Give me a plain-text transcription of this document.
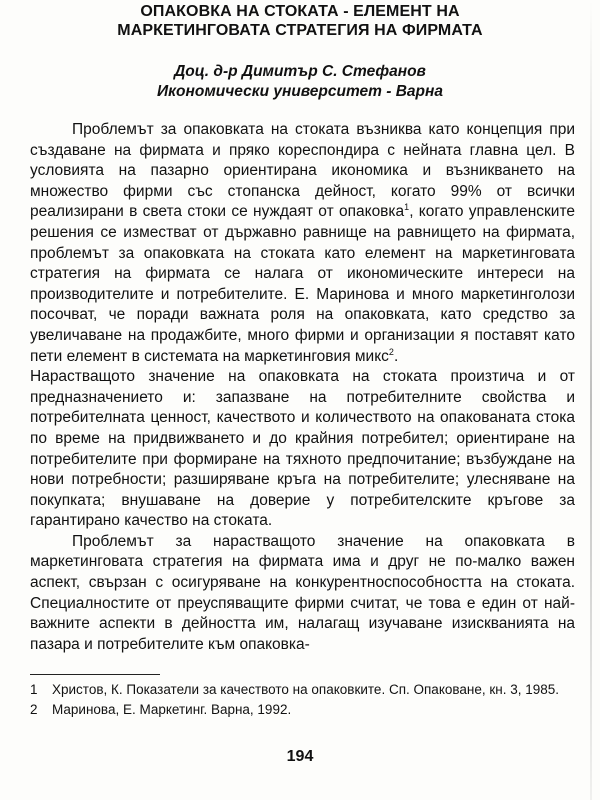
ОПАКОВКА НА СТОКАТА - ЕЛЕМЕНТ НА
МАРКЕТИНГОВАТА СТРАТЕГИЯ НА ФИРМАТА
Доц. д-р Димитър С. Стефанов
Икономически университет - Варна

Проблемът за опаковката на стоката възниква като концепция при създаване на фирмата и пряко кореспондира с нейната главна цел. В условията на пазарно ориентирана икономика и възникването на множество фирми със стопанска дейност, когато 99% от всички реализирани в света стоки се нуждаят от опаковка$^1$, когато управленските решения се изместват от държавно равнище на равнището на фирмата, проблемът за опаковката на стоката като елемент на маркетинговата стратегия на фирмата се налага от икономическите интереси на производителите и потребителите. Е. Маринова и много маркетинголози посочват, че поради важната роля на опаковката, като средство за увеличаване на продажбите, много фирми и организации я поставят като пети елемент в системата на маркетинговия микс$^2$.

Нарастващото значение на опаковката на стоката произтича и от предназначението и: запазване на потребителните свойства и потребителната ценност, качеството и количеството на опакованата стока по време на придвижването и до крайния потребител; ориентиране на потребителите при формиране на тяхното предпочитание; възбуждане на нови потребности; разширяване кръга на потребителите; улесняване на покупката; внушаване на доверие у потребителските кръгове за гарантирано качество на стоката.

Проблемът за нарастващото значение на опаковката в маркетинговата стратегия на фирмата има и друг не по-малко важен аспект, свързан с осигуряване на конкурентноспособността на стоката. Специалностите от преуспяващите фирми считат, че това е един от най-важните аспекти в дейността им, налагащ изучаване изискванията на пазара и потребителите към опаковка-

1	Христов, К. Показатели за качеството на опаковките. Сп. Опаковане, кн. 3, 1985.
2	Маринова, Е. Маркетинг. Варна, 1992.
194
